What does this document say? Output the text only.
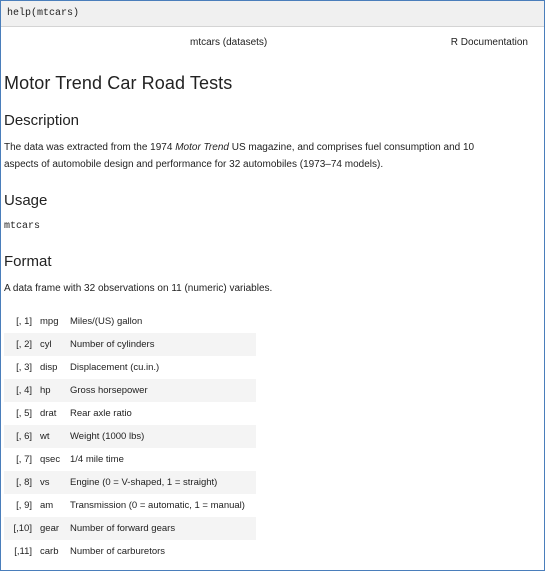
help(mtcars)
mtcars (datasets)	R Documentation
Motor Trend Car Road Tests
Description
The data was extracted from the 1974 Motor Trend US magazine, and comprises fuel consumption and 10
aspects of automobile design and performance for 32 automobiles (1973–74 models).
Usage
mtcars
Format
A data frame with 32 observations on 11 (numeric) variables.
[, 1]	mpg	Miles/(US) gallon
[, 2]	cyl	Number of cylinders
[, 3]	disp	Displacement (cu.in.)
[, 4]	hp	Gross horsepower
[, 5]	drat	Rear axle ratio
[, 6]	wt	Weight (1000 lbs)
[, 7]	qsec	1/4 mile time
[, 8]	vs	Engine (0 = V-shaped, 1 = straight)
[, 9]	am	Transmission (0 = automatic, 1 = manual)
[,10]	gear	Number of forward gears
[,11]	carb	Number of carburetors
